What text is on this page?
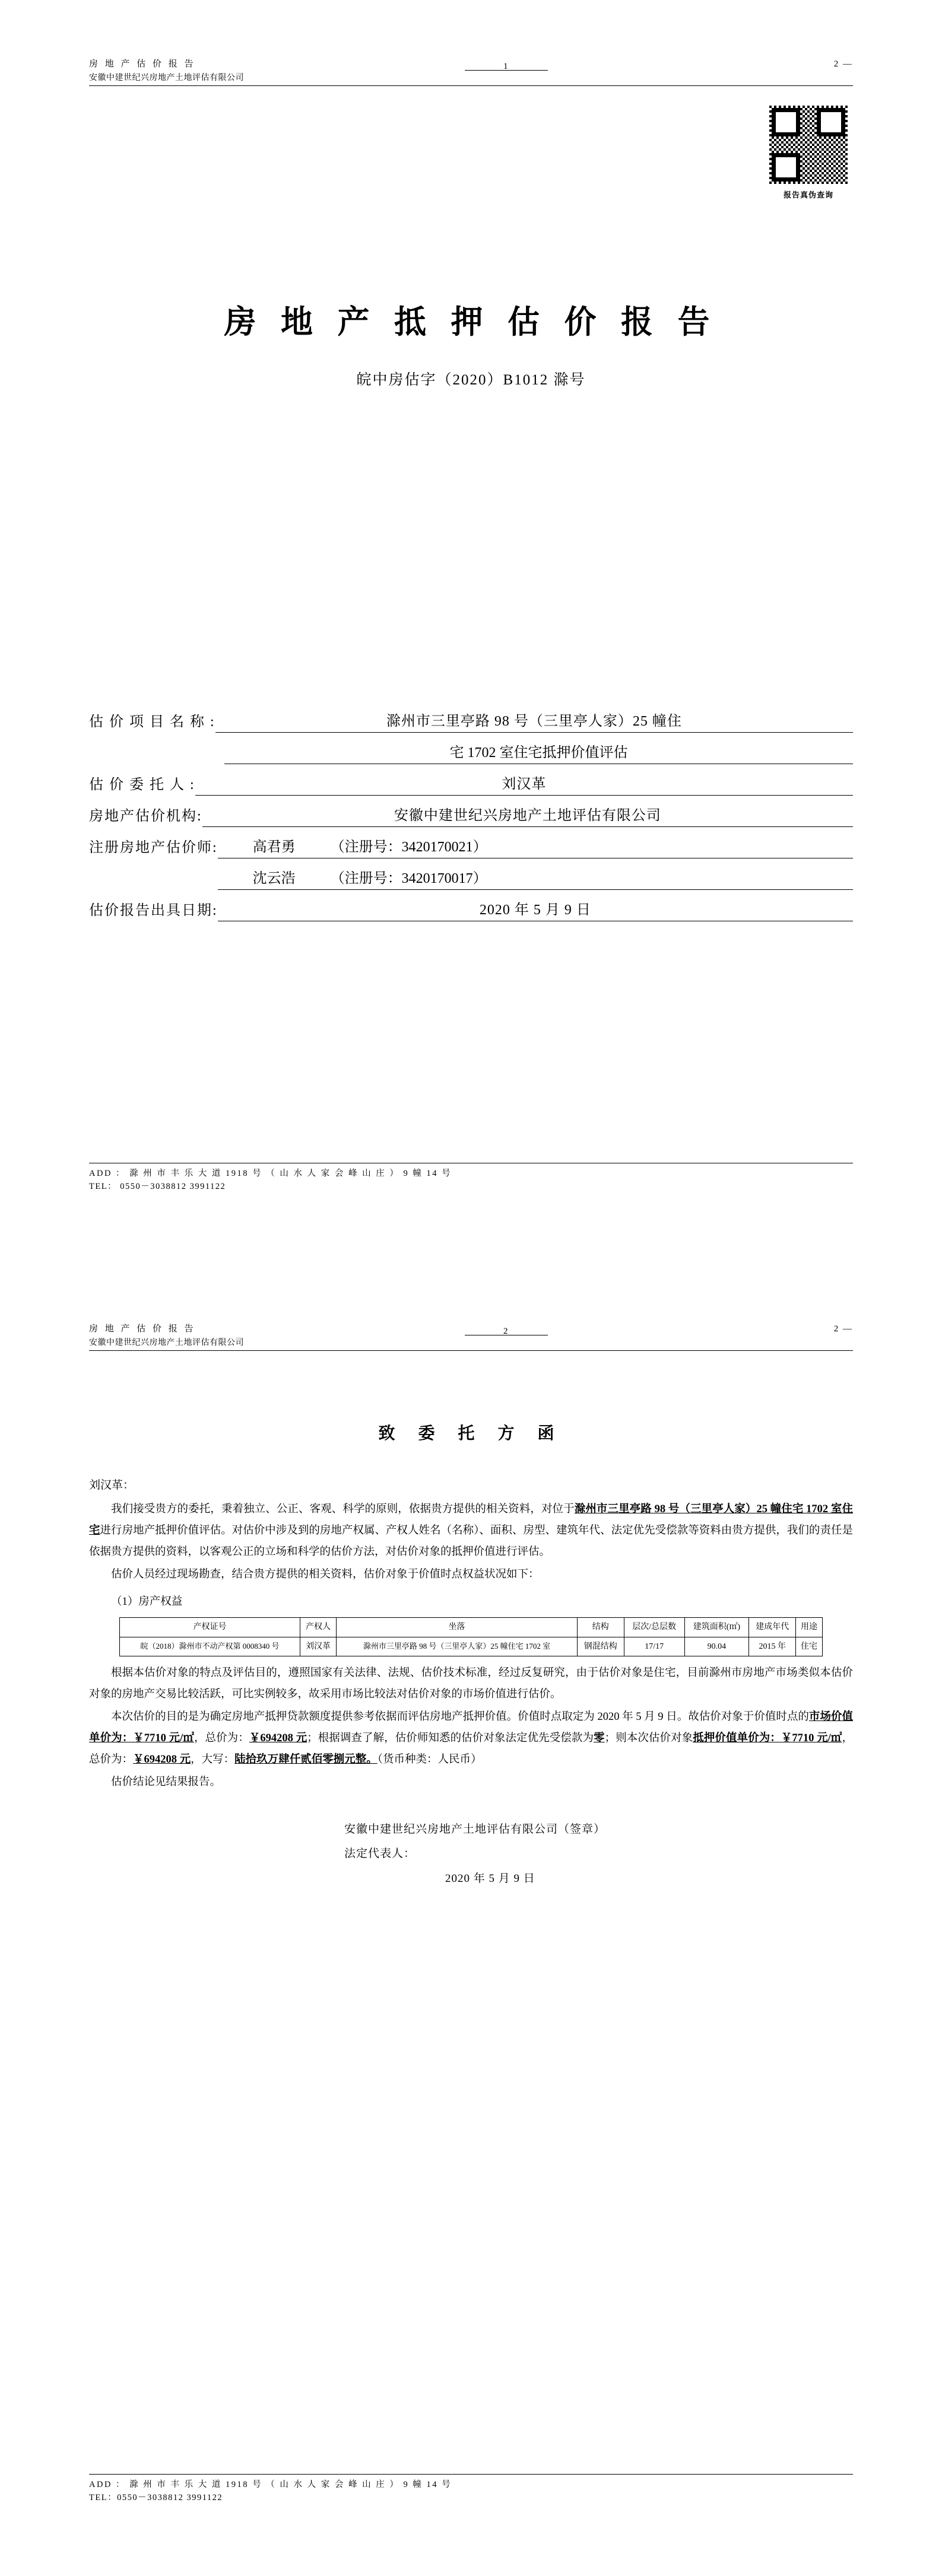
房 地 产 估 价 报 告	1	2 —
安徽中建世纪兴房地产土地评估有限公司
报告真伪查询
房 地 产 抵 押 估 价 报 告
皖中房估字（2020）B1012 滁号
估 价 项 目 名 称 :	滁州市三里亭路 98 号（三里亭人家）25 幢住
宅 1702 室住宅抵押价值评估
估 价 委 托 人 :	刘汉革
房地产估价机构:	安徽中建世纪兴房地产土地评估有限公司
注册房地产估价师:	高君勇	（注册号：3420170021）
沈云浩	（注册号：3420170017）
估价报告出具日期:	2020 年 5 月 9 日
ADD ： 滁 州 市 丰 乐 大 道 1918 号 （ 山 水 人 家 会 峰 山 庄 ） 9 幢 14 号
TEL： 0550－3038812 3991122
房 地 产 估 价 报 告	2	2 —
安徽中建世纪兴房地产土地评估有限公司
致 委 托 方 函
刘汉革：

我们接受贵方的委托，秉着独立、公正、客观、科学的原则，依据贵方提供的相关资料，对位于滁州市三里亭路 98 号（三里亭人家）25 幢住宅 1702 室住宅进行房地产抵押价值评估。对估价中涉及到的房地产权属、产权人姓名（名称）、面积、房型、建筑年代、法定优先受偿款等资料由贵方提供，我们的责任是依据贵方提供的资料，以客观公正的立场和科学的估价方法，对估价对象的抵押价值进行评估。

估价人员经过现场勘查，结合贵方提供的相关资料，估价对象于价值时点权益状况如下：

（1）房产权益
产权证号	产权人	坐落	结构	层次/总层数	建筑面积(㎡)	建成年代	用途
皖（2018）滁州市不动产权第 0008340 号	刘汉革	滁州市三里亭路 98 号（三里亭人家）25 幢住宅 1702 室	钢混结构	17/17	90.04	2015 年	住宅

根据本估价对象的特点及评估目的，遵照国家有关法律、法规、估价技术标准，经过反复研究，由于估价对象是住宅，目前滁州市房地产市场类似本估价对象的房地产交易比较活跃，可比实例较多，故采用市场比较法对估价对象的市场价值进行估价。

本次估价的目的是为确定房地产抵押贷款额度提供参考依据而评估房地产抵押价值。价值时点取定为 2020 年 5 月 9 日。故估价对象于价值时点的市场价值单价为：￥7710 元/㎡，总价为：￥694208 元；根据调查了解，估价师知悉的估价对象法定优先受偿款为零；则本次估价对象抵押价值单价为：￥7710 元/㎡，总价为：￥694208 元，大写：陆拾玖万肆仟贰佰零捌元整。（货币种类：人民币）

估价结论见结果报告。

安徽中建世纪兴房地产土地评估有限公司（签章）
法定代表人：
2020 年 5 月 9 日
ADD ： 滁 州 市 丰 乐 大 道 1918 号 （ 山 水 人 家 会 峰 山 庄 ） 9 幢 14 号
TEL：0550－3038812 3991122
